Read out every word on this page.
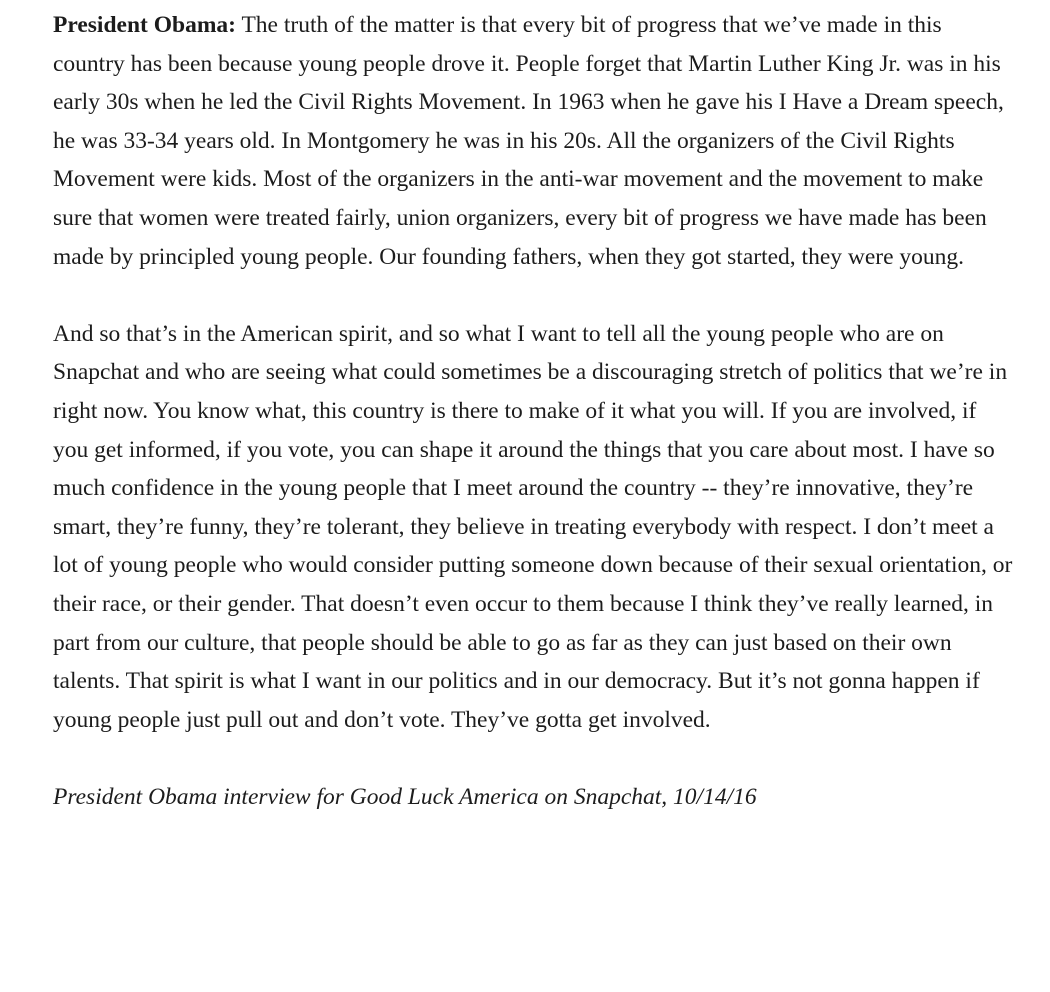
President Obama: The truth of the matter is that every bit of progress that we’ve made in this country has been because young people drove it. People forget that Martin Luther King Jr. was in his early 30s when he led the Civil Rights Movement. In 1963 when he gave his I Have a Dream speech, he was 33-34 years old. In Montgomery he was in his 20s. All the organizers of the Civil Rights Movement were kids. Most of the organizers in the anti-war movement and the movement to make sure that women were treated fairly, union organizers, every bit of progress we have made has been made by principled young people. Our founding fathers, when they got started, they were young.

And so that’s in the American spirit, and so what I want to tell all the young people who are on Snapchat and who are seeing what could sometimes be a discouraging stretch of politics that we’re in right now. You know what, this country is there to make of it what you will. If you are involved, if you get informed, if you vote, you can shape it around the things that you care about most. I have so much confidence in the young people that I meet around the country -- they’re innovative, they’re smart, they’re funny, they’re tolerant, they believe in treating everybody with respect. I don’t meet a lot of young people who would consider putting someone down because of their sexual orientation, or their race, or their gender. That doesn’t even occur to them because I think they’ve really learned, in part from our culture, that people should be able to go as far as they can just based on their own talents. That spirit is what I want in our politics and in our democracy. But it’s not gonna happen if young people just pull out and don’t vote. They’ve gotta get involved.

President Obama interview for Good Luck America on Snapchat, 10/14/16
